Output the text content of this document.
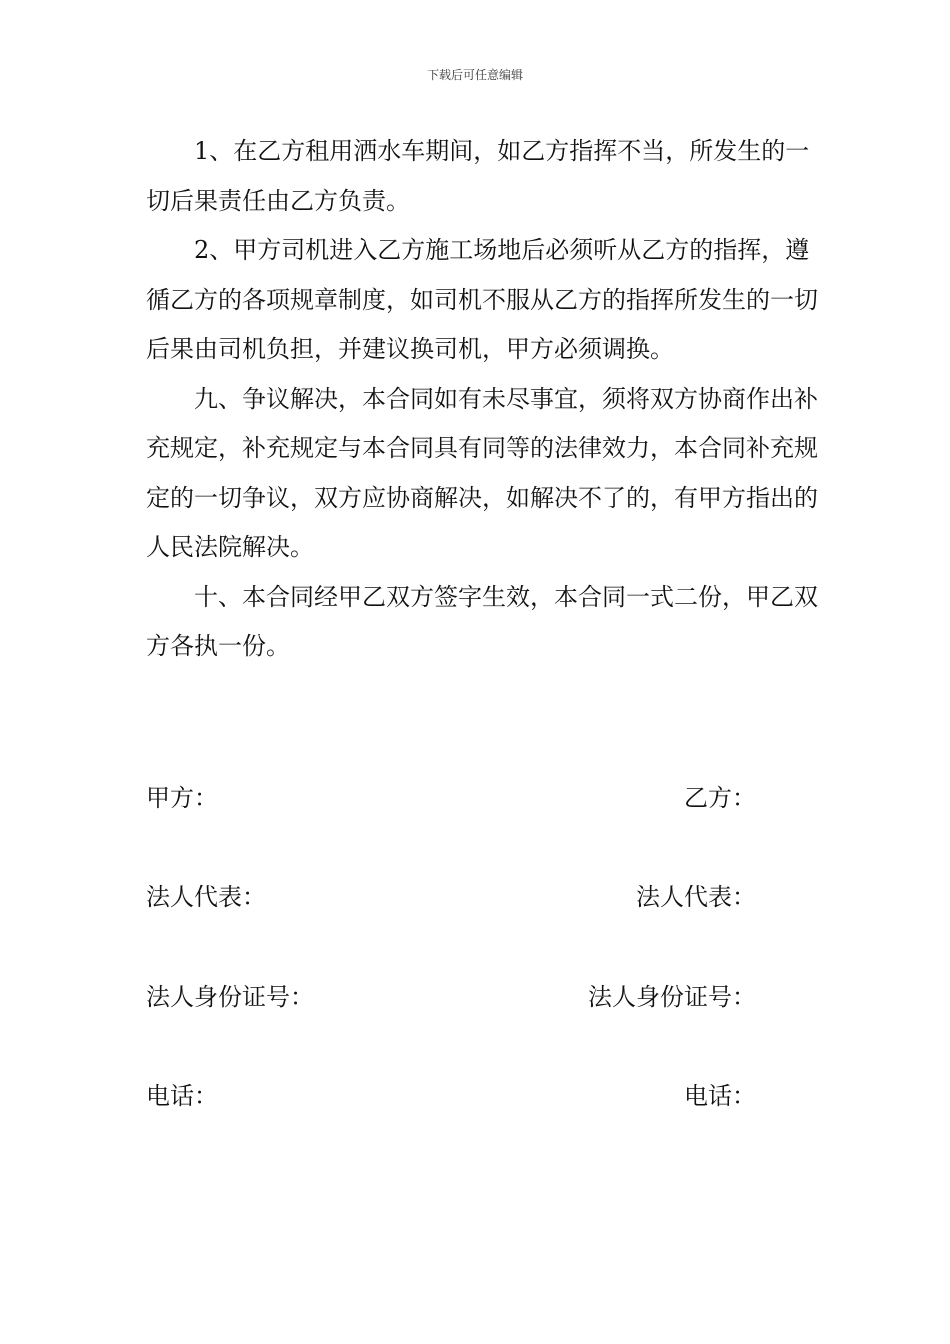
下载后可任意编辑

1、在乙方租用洒水车期间，如乙方指挥不当，所发生的一切后果责任由乙方负责。

2、甲方司机进入乙方施工场地后必须听从乙方的指挥，遵循乙方的各项规章制度，如司机不服从乙方的指挥所发生的一切后果由司机负担，并建议换司机，甲方必须调换。

九、争议解决，本合同如有未尽事宜，须将双方协商作出补充规定，补充规定与本合同具有同等的法律效力，本合同补充规定的一切争议，双方应协商解决，如解决不了的，有甲方指出的人民法院解决。

十、本合同经甲乙双方签字生效，本合同一式二份，甲乙双方各执一份。

甲方：	乙方：
法人代表：	法人代表：
法人身份证号：	法人身份证号：
电话：	电话：
